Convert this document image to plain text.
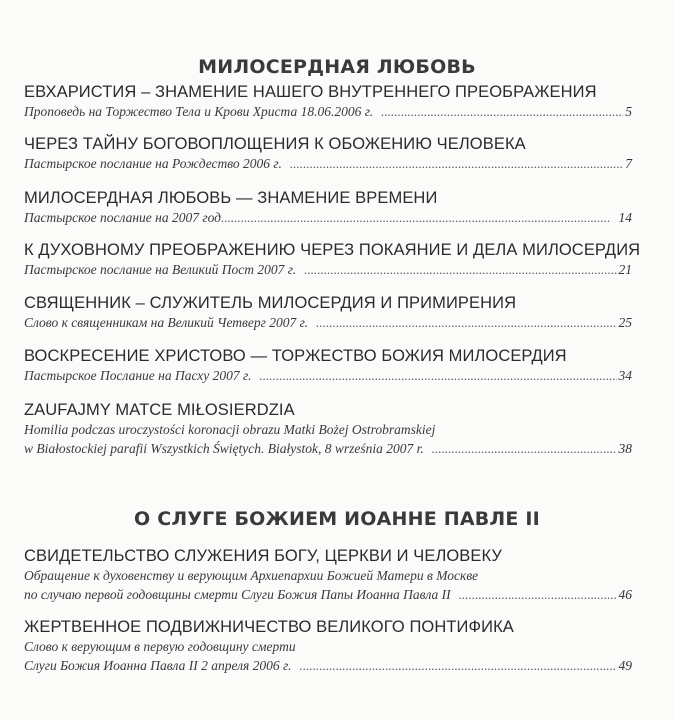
МИЛОСЕРДНАЯ ЛЮБОВЬ
ЕВХАРИСТИЯ – ЗНАМЕНИЕ НАШЕГО ВНУТРЕННЕГО ПРЕОБРАЖЕНИЯ
Проповедь на Торжество Тела и Крови Христа 18.06.2006 г. . . .	5
ЧЕРЕЗ ТАЙНУ БОГОВОПЛОЩЕНИЯ К ОБОЖЕНИЮ ЧЕЛОВЕКА
Пастырское послание на Рождество 2006 г. . . .	7
МИЛОСЕРДНАЯ ЛЮБОВЬ — ЗНАМЕНИЕ ВРЕМЕНИ
Пастырское послание на 2007 год . . .	14
К ДУХОВНОМУ ПРЕОБРАЖЕНИЮ ЧЕРЕЗ ПОКАЯНИЕ И ДЕЛА МИЛОСЕРДИЯ
Пастырское послание на Великий Пост 2007 г. . . .	21
СВЯЩЕННИК – СЛУЖИТЕЛЬ МИЛОСЕРДИЯ И ПРИМИРЕНИЯ
Слово к священникам на Великий Четверг 2007 г. . . .	25
ВОСКРЕСЕНИЕ ХРИСТОВО — ТОРЖЕСТВО БОЖИЯ МИЛОСЕРДИЯ
Пастырское Послание на Пасху 2007 г. . . .	34
ZAUFAJMY MATCE MIŁOSIERDZIA
Homilia podczas uroczystości koronacji obrazu Matki Bożej Ostrobramskiej
w Białostockiej parafii Wszystkich Świętych. Białystok, 8 września 2007 r. . . .	38
О СЛУГЕ БОЖИЕМ ИОАННЕ ПАВЛЕ II
СВИДЕТЕЛЬСТВО СЛУЖЕНИЯ БОГУ, ЦЕРКВИ И ЧЕЛОВЕКУ
Обращение к духовенству и верующим Архиепархии Божией Матери в Москве
по случаю первой годовщины смерти Слуги Божия Папы Иоанна Павла II . . .	46
ЖЕРТВЕННОЕ ПОДВИЖНИЧЕСТВО ВЕЛИКОГО ПОНТИФИКА
Слово к верующим в первую годовщину смерти
Слуги Божия Иоанна Павла II 2 апреля 2006 г. . . .	49
